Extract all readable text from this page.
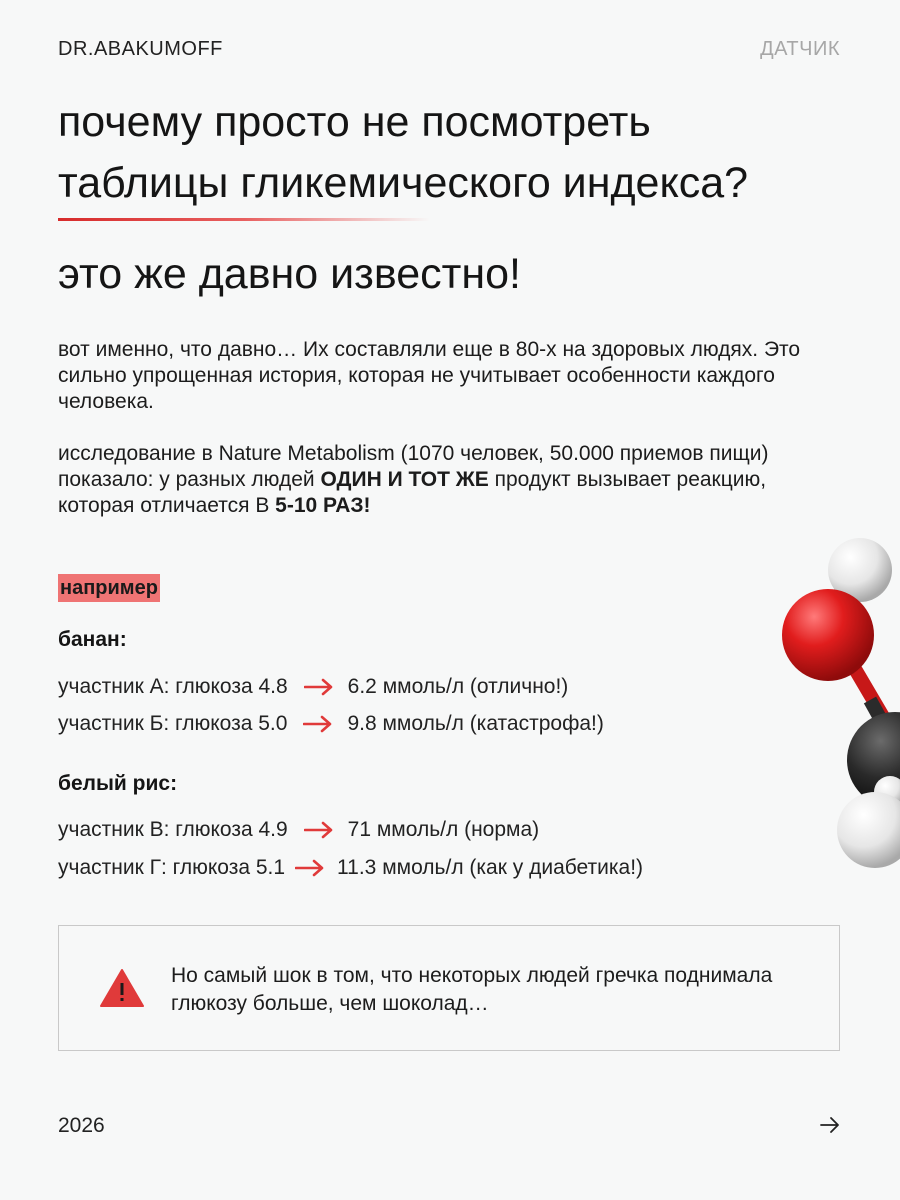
DR.ABAKUMOFF	ДАТЧИК
почему просто не посмотреть
таблицы гликемического индекса?
это же давно известно!

вот именно, что давно… Их составляли еще в 80-х на здоровых людях. Это сильно упрощенная история, которая не учитывает особенности каждого человека.

исследование в Nature Metabolism (1070 человек, 50.000 приемов пищи) показало: у разных людей ОДИН И ТОТ ЖЕ продукт вызывает реакцию, которая отличается В 5-10 РАЗ!

например
банан:
участник А: глюкоза 4.8	6.2 ммоль/л (отлично!)
участник Б: глюкоза 5.0	9.8 ммоль/л (катастрофа!)
белый рис:
участник В: глюкоза 4.9	71 ммоль/л (норма)
участник Г: глюкоза 5.1 11.3 ммоль/л (как у диабетика!)

Но самый шок в том, что некоторых людей гречка поднимала глюкозу больше, чем шоколад…

2026
